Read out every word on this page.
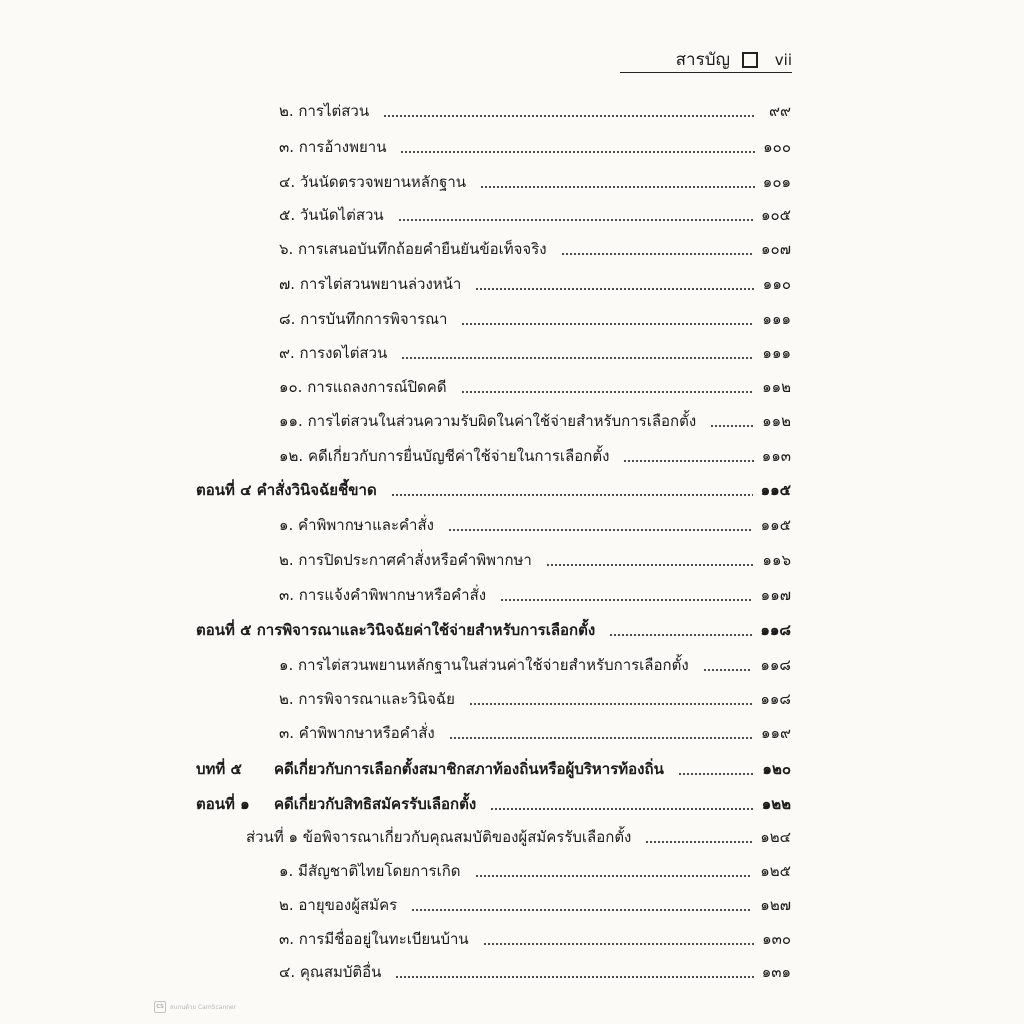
สารบัญ	vii
๒. การไต่สวน	๙๙
๓. การอ้างพยาน	๑๐๐
๔. วันนัดตรวจพยานหลักฐาน	๑๐๑
๕. วันนัดไต่สวน	๑๐๕
๖. การเสนอบันทึกถ้อยคำยืนยันข้อเท็จจริง	๑๐๗
๗. การไต่สวนพยานล่วงหน้า	๑๑๐
๘. การบันทึกการพิจารณา	๑๑๑
๙. การงดไต่สวน	๑๑๑
๑๐. การแถลงการณ์ปิดคดี	๑๑๒
๑๑. การไต่สวนในส่วนความรับผิดในค่าใช้จ่ายสำหรับการเลือกตั้ง	๑๑๒
๑๒. คดีเกี่ยวกับการยื่นบัญชีค่าใช้จ่ายในการเลือกตั้ง	๑๑๓
ตอนที่ ๔ คำสั่งวินิจฉัยชี้ขาด	๑๑๕
๑. คำพิพากษาและคำสั่ง	๑๑๕
๒. การปิดประกาศคำสั่งหรือคำพิพากษา	๑๑๖
๓. การแจ้งคำพิพากษาหรือคำสั่ง	๑๑๗
ตอนที่ ๕ การพิจารณาและวินิจฉัยค่าใช้จ่ายสำหรับการเลือกตั้ง	๑๑๘
๑. การไต่สวนพยานหลักฐานในส่วนค่าใช้จ่ายสำหรับการเลือกตั้ง	๑๑๘
๒. การพิจารณาและวินิจฉัย	๑๑๘
๓. คำพิพากษาหรือคำสั่ง	๑๑๙
บทที่ ๕	คดีเกี่ยวกับการเลือกตั้งสมาชิกสภาท้องถิ่นหรือผู้บริหารท้องถิ่น	๑๒๐
ตอนที่ ๑	คดีเกี่ยวกับสิทธิสมัครรับเลือกตั้ง	๑๒๒
ส่วนที่ ๑ ข้อพิจารณาเกี่ยวกับคุณสมบัติของผู้สมัครรับเลือกตั้ง	๑๒๔
๑. มีสัญชาติไทยโดยการเกิด	๑๒๕
๒. อายุของผู้สมัคร	๑๒๗
๓. การมีชื่ออยู่ในทะเบียนบ้าน	๑๓๐
๔. คุณสมบัติอื่น	๑๓๑
CS	สแกนด้วย CamScanner
